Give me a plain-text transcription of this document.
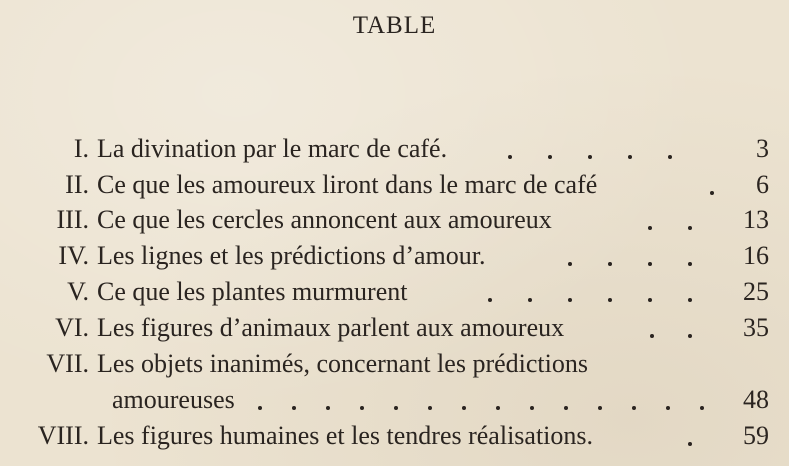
TABLE
I. La divination par le marc de café.	3
II. Ce que les amoureux liront dans le marc de café	6
III. Ce que les cercles annoncent aux amoureux	13
IV. Les lignes et les prédictions d’amour.	16
V. Ce que les plantes murmurent	25
VI. Les figures d’animaux parlent aux amoureux	35
VII. Les objets inanimés, concernant les prédictions
amoureuses	48
VIII. Les figures humaines et les tendres réalisations.	59
